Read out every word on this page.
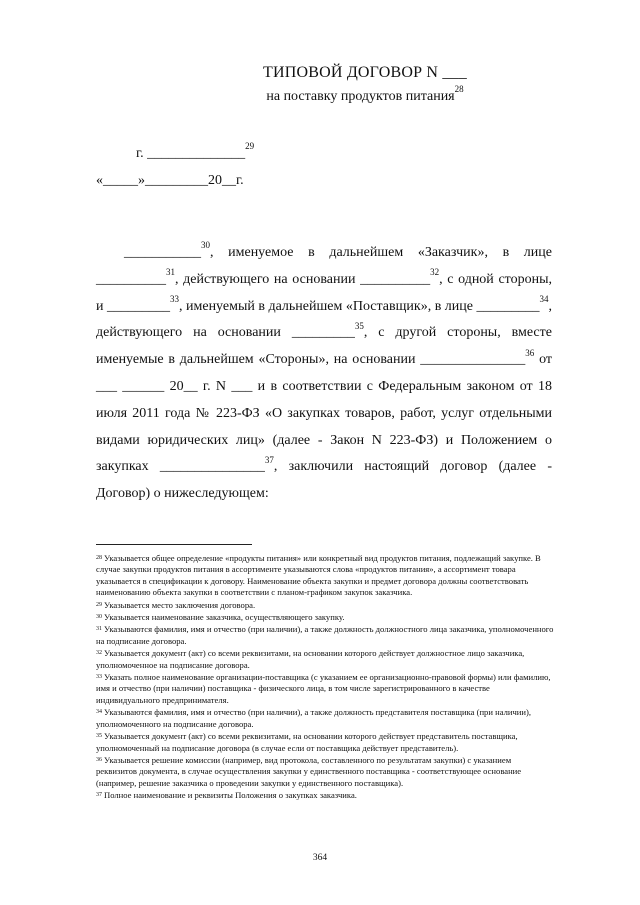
ТИПОВОЙ ДОГОВОР N ___
на поставку продуктов питания$^{28}$
г. ______________$^{29}$
«_____»_________20__г.

___________$^{30}$, именуемое в дальнейшем «Заказчик», в лице __________$^{31}$, действующего на основании __________$^{32}$, с одной стороны, и _________$^{33}$, именуемый в дальнейшем «Поставщик», в лице _________$^{34}$, действующего на основании _________$^{35}$, с другой стороны, вместе именуемые в дальнейшем «Стороны», на основании _______________$^{36}$ от ___ ______ 20__ г. N ___ и в соответствии с Федеральным законом от 18 июля 2011 года № 223-ФЗ «О закупках товаров, работ, услуг отдельными видами юридических лиц» (далее - Закон N 223-ФЗ) и Положением о закупках _______________$^{37}$, заключили настоящий договор (далее - Договор) о нижеследующем:

$^{28}$ Указывается общее определение «продукты питания» или конкретный вид продуктов питания, подлежащий закупке. В случае закупки продуктов питания в ассортименте указываются слова «продуктов питания», а ассортимент товара указывается в спецификации к договору. Наименование объекта закупки и предмет договора должны соответствовать наименованию объекта закупки в соответствии с планом-графиком закупок заказчика.
$^{29}$ Указывается место заключения договора.
$^{30}$ Указывается наименование заказчика, осуществляющего закупку.
$^{31}$ Указываются фамилия, имя и отчество (при наличии), а также должность должностного лица заказчика, уполномоченного на подписание договора.
$^{32}$ Указывается документ (акт) со всеми реквизитами, на основании которого действует должностное лицо заказчика, уполномоченное на подписание договора.
$^{33}$ Указать полное наименование организации-поставщика (с указанием ее организационно-правовой формы) или фамилию, имя и отчество (при наличии) поставщика - физического лица, в том числе зарегистрированного в качестве индивидуального предпринимателя.
$^{34}$ Указываются фамилия, имя и отчество (при наличии), а также должность представителя поставщика (при наличии), уполномоченного на подписание договора.
$^{35}$ Указывается документ (акт) со всеми реквизитами, на основании которого действует представитель поставщика, уполномоченный на подписание договора (в случае если от поставщика действует представитель).
$^{36}$ Указывается решение комиссии (например, вид протокола, составленного по результатам закупки) с указанием реквизитов документа, в случае осуществления закупки у единственного поставщика - соответствующее основание (например, решение заказчика о проведении закупки у единственного поставщика).
$^{37}$ Полное наименование и реквизиты Положения о закупках заказчика.
364
